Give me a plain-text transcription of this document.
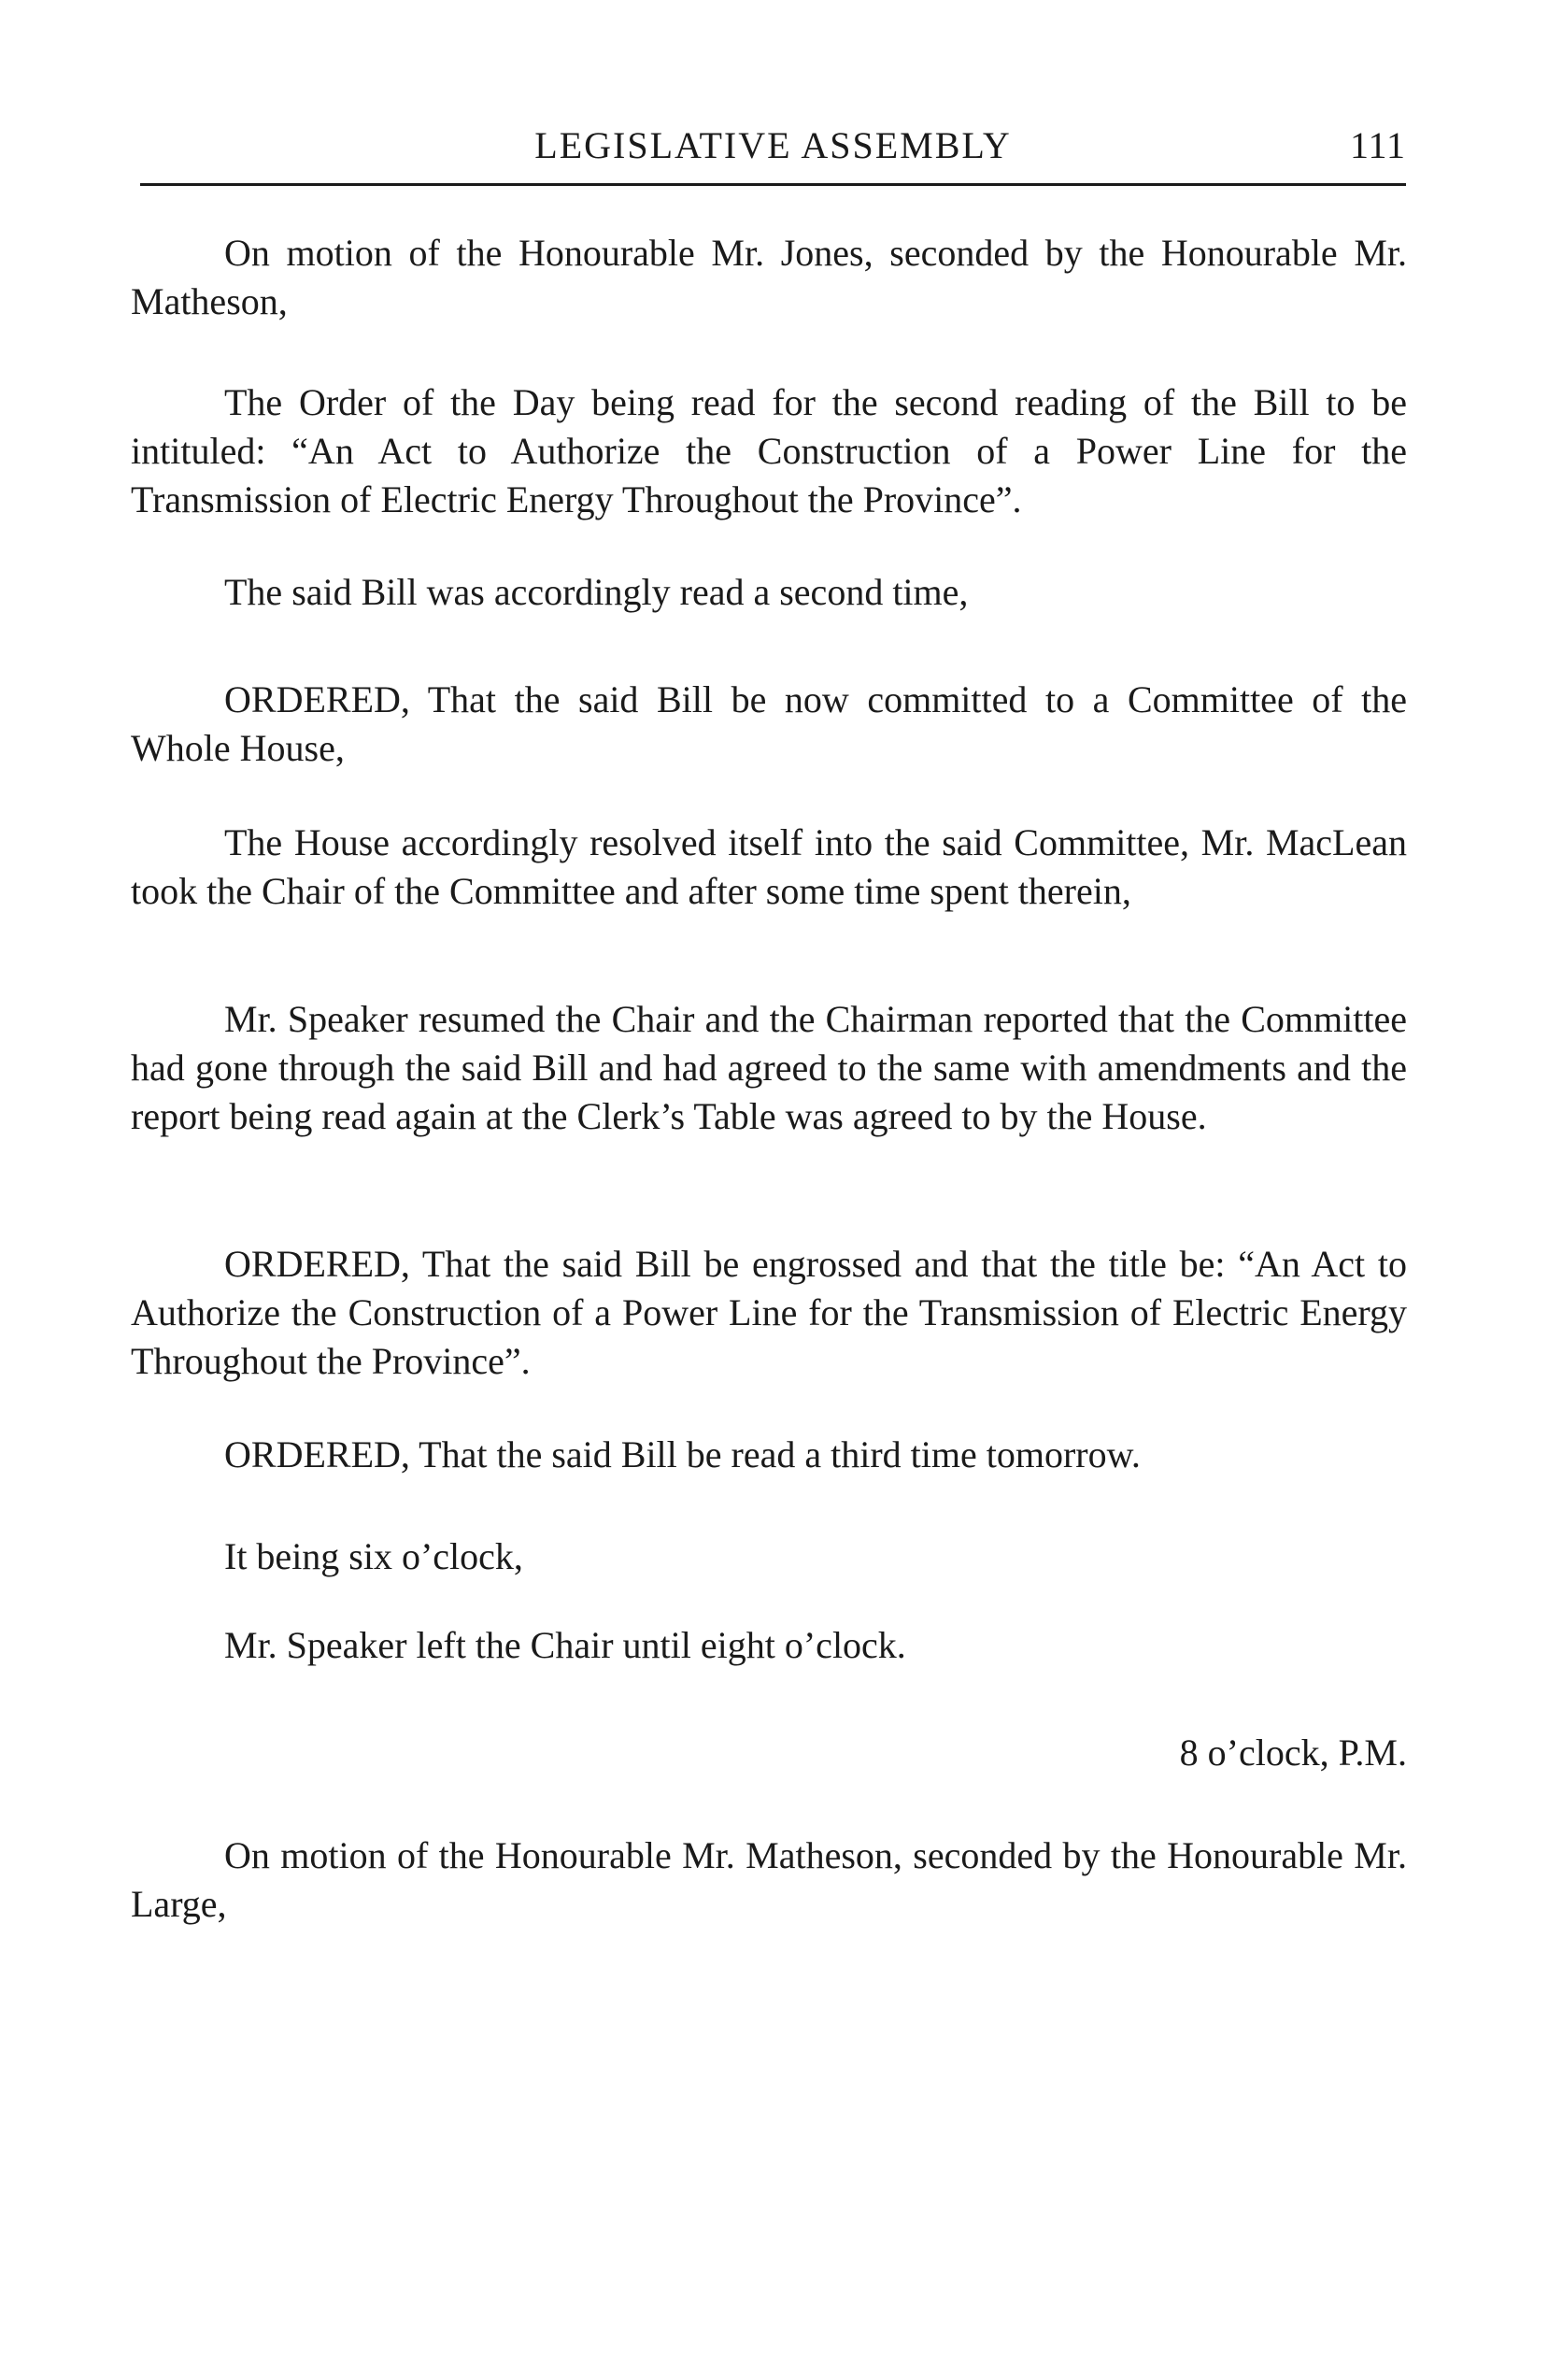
LEGISLATIVE ASSEMBLY	111

On motion of the Honourable Mr. Jones, seconded by the Honourable Mr. Matheson,

The Order of the Day being read for the second reading of the Bill to be intituled: “An Act to Authorize the Construction of a Power Line for the Transmission of Electric Energy Throughout the Province”.

The said Bill was accordingly read a second time,

ORDERED, That the said Bill be now committed to a Committee of the Whole House,

The House accordingly resolved itself into the said Committee, Mr. MacLean took the Chair of the Committee and after some time spent therein,

Mr. Speaker resumed the Chair and the Chairman reported that the Committee had gone through the said Bill and had agreed to the same with amendments and the report being read again at the Clerk’s Table was agreed to by the House.

ORDERED, That the said Bill be engrossed and that the title be: “An Act to Authorize the Construction of a Power Line for the Transmission of Electric Energy Throughout the Province”.

ORDERED, That the said Bill be read a third time tomorrow.

It being six o’clock,

Mr. Speaker left the Chair until eight o’clock.

8 o’clock, P.M.

On motion of the Honourable Mr. Matheson, seconded by the Honourable Mr. Large,
